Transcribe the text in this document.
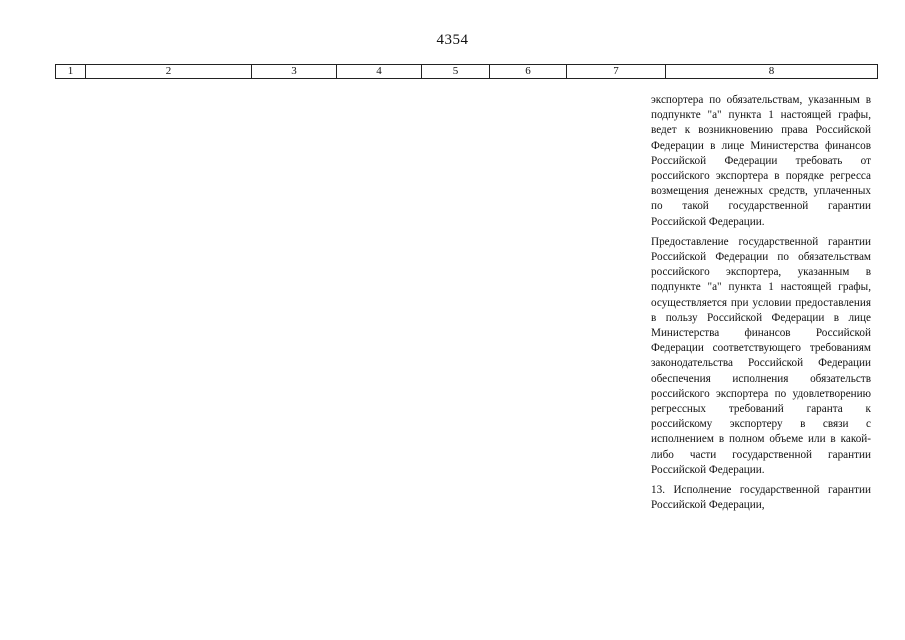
4354
1	2	3	4	5	6	7	8

экспортера по обязательствам, указанным в подпункте "а" пункта 1 настоящей графы, ведет к возникновению права Российской Федерации в лице Министерства финансов Российской Федерации требовать от российского экспортера в порядке регресса возмещения денежных средств, уплаченных по такой государственной гарантии Российской Федерации.

Предоставление государственной гарантии Российской Федерации по обязательствам российского экспортера, указанным в подпункте "а" пункта 1 настоящей графы, осуществляется при условии предоставления в пользу Российской Федерации в лице Министерства финансов Российской Федерации соответствующего требованиям законодательства Российской Федерации обеспечения исполнения обязательств российского экспортера по удовлетворению регрессных требований гаранта к российскому экспортеру в связи с исполнением в полном объеме или в какой-либо части государственной гарантии Российской Федерации.

13. Исполнение государственной гарантии Российской Федерации,
